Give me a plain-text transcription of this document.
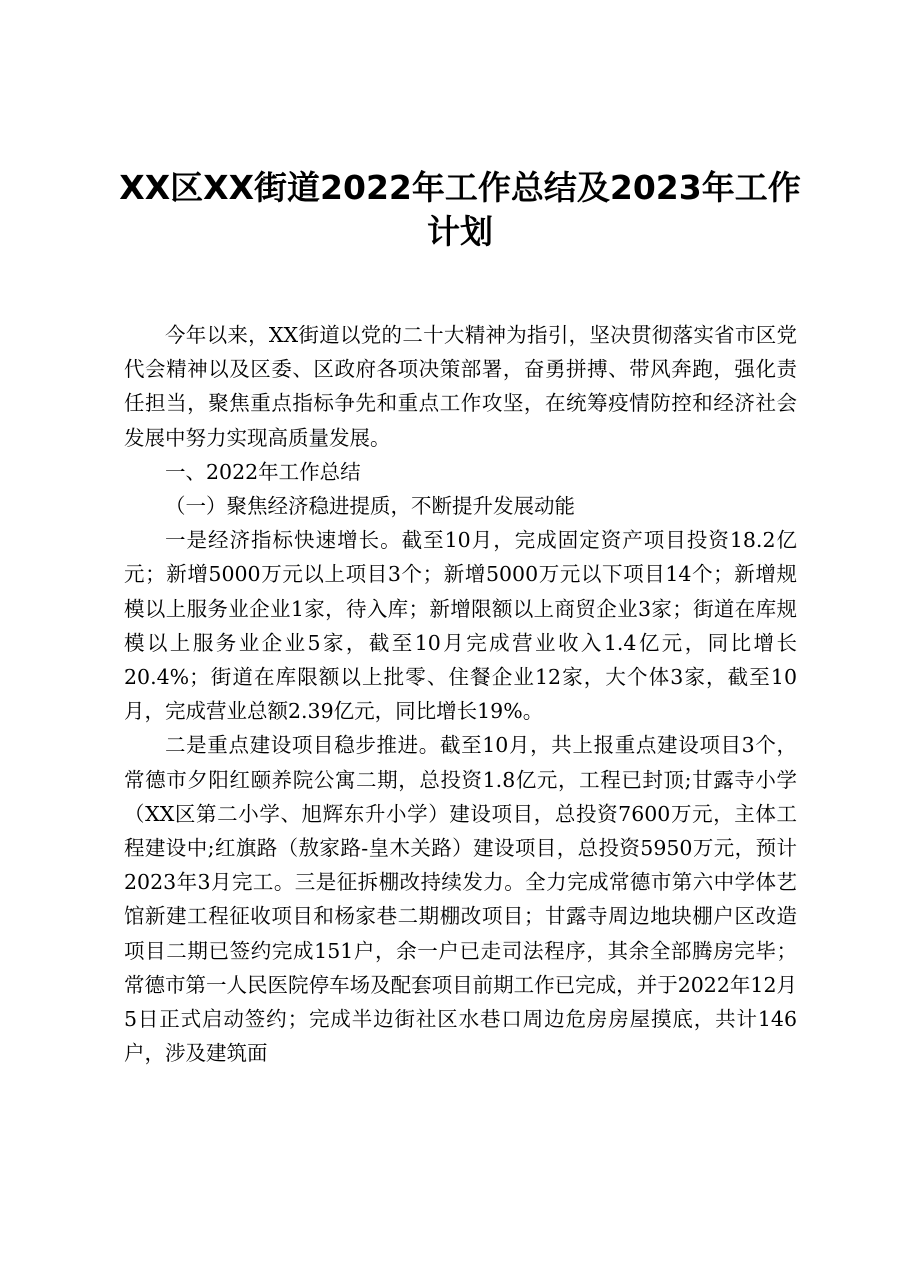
XX区XX街道2022年工作总结及2023年工作
计划

今年以来，XX街道以党的二十大精神为指引，坚决贯彻落实省市区党代会精神以及区委、区政府各项决策部署，奋勇拼搏、带风奔跑，强化责任担当，聚焦重点指标争先和重点工作攻坚，在统筹疫情防控和经济社会发展中努力实现高质量发展。

一、2022年工作总结

（一）聚焦经济稳进提质，不断提升发展动能

一是经济指标快速增长。截至10月，完成固定资产项目投资18.2亿元；新增5000万元以上项目3个；新增5000万元以下项目14个；新增规模以上服务业企业1家，待入库；新增限额以上商贸企业3家；街道在库规模以上服务业企业5家，截至10月完成营业收入1.4亿元，同比增长20.4%；街道在库限额以上批零、住餐企业12家，大个体3家，截至10月，完成营业总额2.39亿元，同比增长19%。

二是重点建设项目稳步推进。截至10月，共上报重点建设项目3个，常德市夕阳红颐养院公寓二期，总投资1.8亿元，工程已封顶;甘露寺小学（XX区第二小学、旭辉东升小学）建设项目，总投资7600万元，主体工程建设中;红旗路（敖家路-皇木关路）建设项目，总投资5950万元，预计2023年3月完工。三是征拆棚改持续发力。全力完成常德市第六中学体艺馆新建工程征收项目和杨家巷二期棚改项目；甘露寺周边地块棚户区改造项目二期已签约完成151户，余一户已走司法程序，其余全部腾房完毕；常德市第一人民医院停车场及配套项目前期工作已完成，并于2022年12月5日正式启动签约；完成半边街社区水巷口周边危房房屋摸底，共计146户，涉及建筑面
